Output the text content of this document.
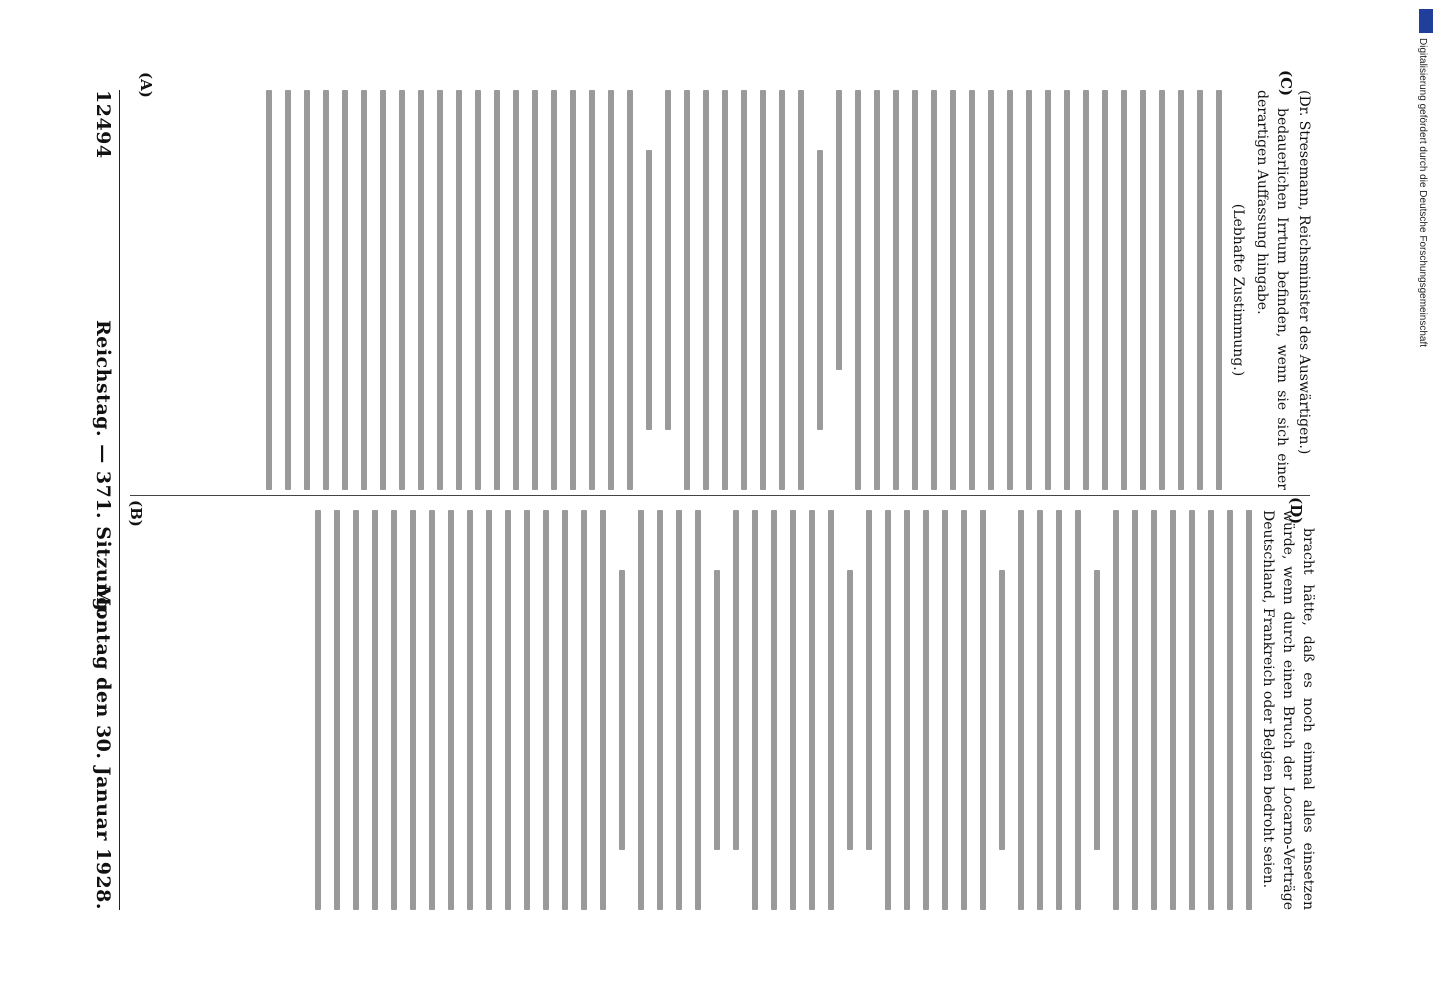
(Dr. Stresemann, Reichsminister des Auswärtigen.)
bedauerlichen Irrtum befinden, wenn sie sich einer derartigen Auffassung hingabe.
(Lebhafte Zustimmung.)
bracht hätte, daß es noch einmal alles einsetzen würde, wenn durch einen Bruch der Locarno-Verträge Deutschland, Frankreich oder Belgien bedroht seien.
(A)
(B)
(C)
(D)
12494
Reichstag. — 371. Sitzung.
Montag den 30. Januar 1928.
Digitalisierung gefördert durch die Deutsche Forschungsgemeinschaft
